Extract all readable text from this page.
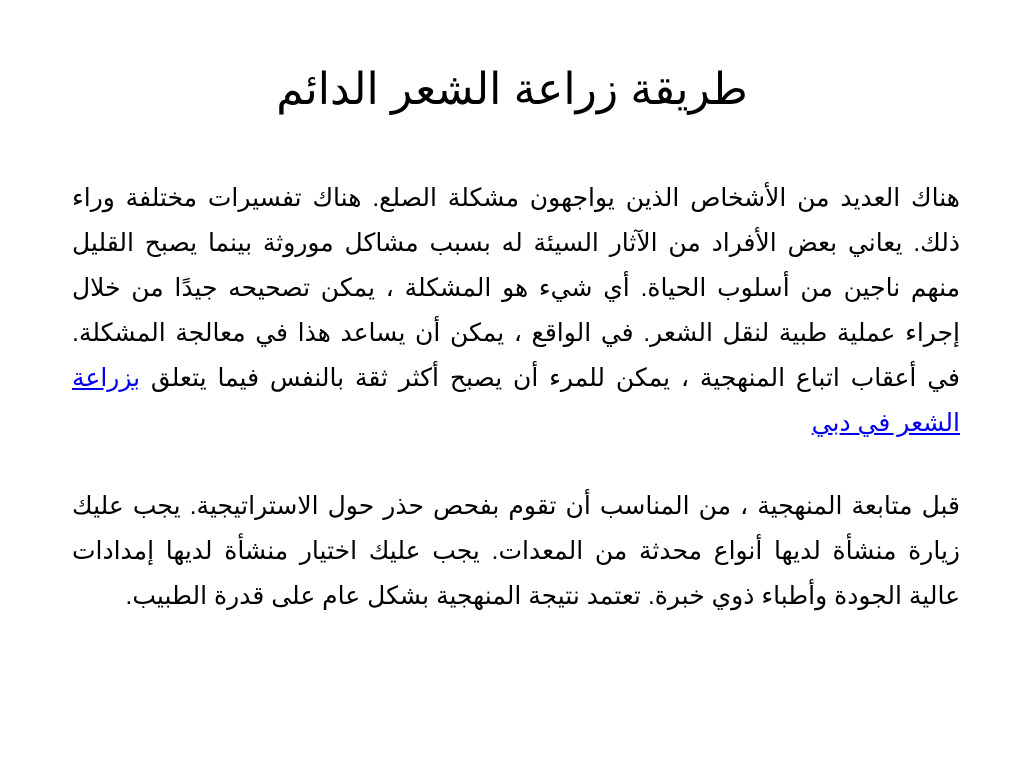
طريقة زراعة الشعر الدائم

هناك العديد من الأشخاص الذين يواجهون مشكلة الصلع. هناك تفسيرات مختلفة وراء ذلك. يعاني بعض الأفراد من الآثار السيئة له بسبب مشاكل موروثة بينما يصبح القليل منهم ناجين من أسلوب الحياة. أي شيء هو المشكلة ، يمكن تصحيحه جيدًا من خلال إجراء عملية طبية لنقل الشعر. في الواقع ، يمكن أن يساعد هذا في معالجة المشكلة. في أعقاب اتباع المنهجية ، يمكن للمرء أن يصبح أكثر ثقة بالنفس فيما يتعلق بزراعة الشعر في دبي

قبل متابعة المنهجية ، من المناسب أن تقوم بفحص حذر حول الاستراتيجية. يجب عليك زيارة منشأة لديها أنواع محدثة من المعدات. يجب عليك اختيار منشأة لديها إمدادات عالية الجودة وأطباء ذوي خبرة. تعتمد نتيجة المنهجية بشكل عام على قدرة الطبيب.
